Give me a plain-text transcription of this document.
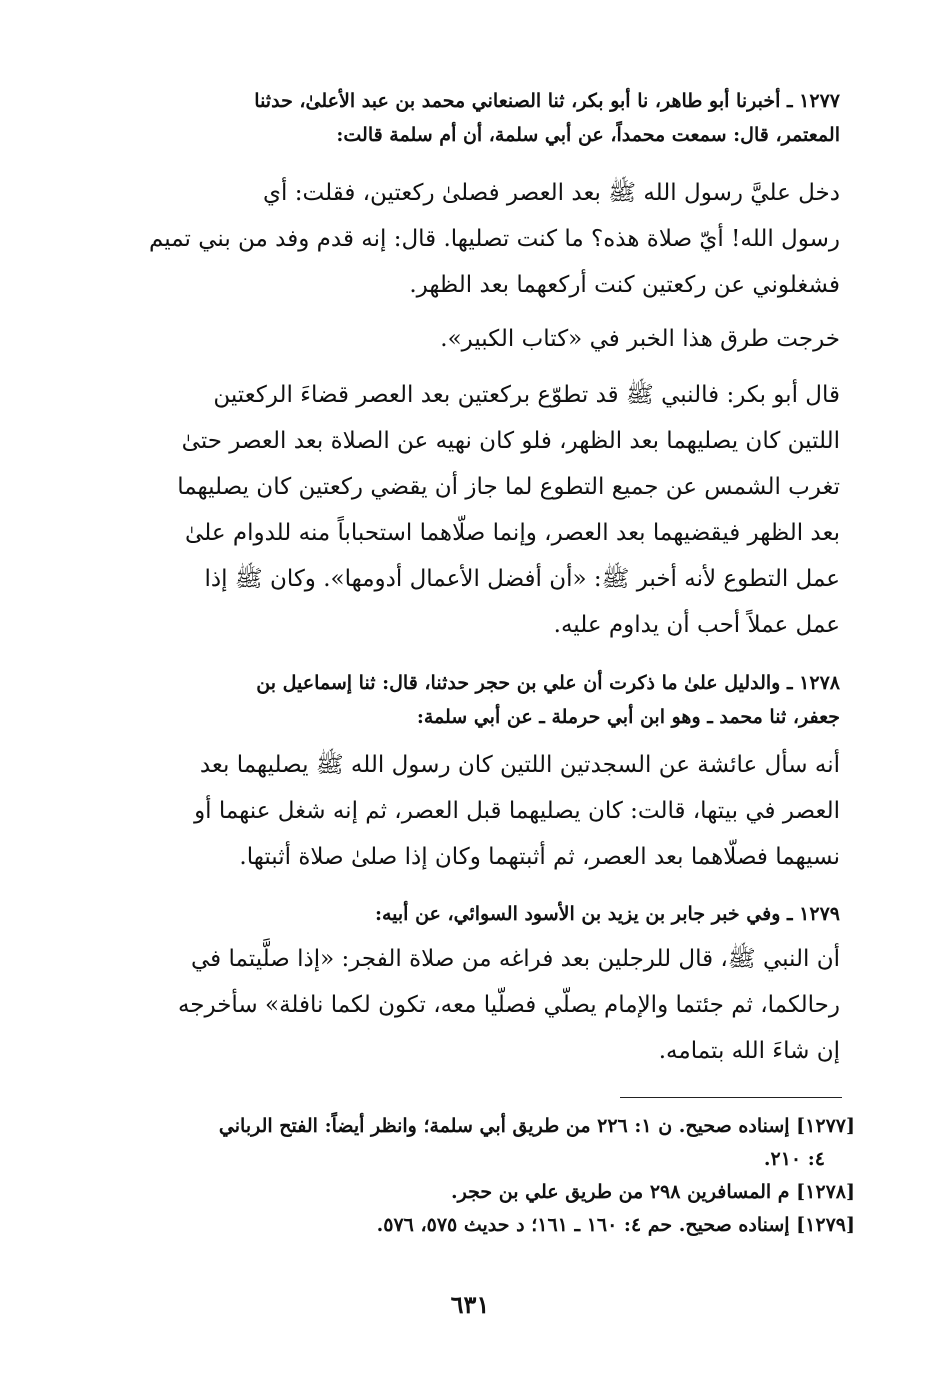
١٢٧٧ ـ أخبرنا أبو طاهر، نا أبو بكر، ثنا الصنعاني محمد بن عبد الأعلىٰ، حدثنا
المعتمر، قال: سمعت محمداً، عن أبي سلمة، أن أم سلمة قالت:
دخل عليَّ رسول الله ﷺ بعد العصر فصلىٰ ركعتين، فقلت: أي
رسول الله! أيّ صلاة هذه؟ ما كنت تصليها. قال: إنه قدم وفد من بني تميم
فشغلوني عن ركعتين كنت أركعهما بعد الظهر.
خرجت طرق هذا الخبر في «كتاب الكبير».
قال أبو بكر: فالنبي ﷺ قد تطوّع بركعتين بعد العصر قضاءَ الركعتين
اللتين كان يصليهما بعد الظهر، فلو كان نهيه عن الصلاة بعد العصر حتىٰ
تغرب الشمس عن جميع التطوع لما جاز أن يقضي ركعتين كان يصليهما
بعد الظهر فيقضيهما بعد العصر، وإنما صلّاهما استحباباً منه للدوام علىٰ
عمل التطوع لأنه أخبر ﷺ: «أن أفضل الأعمال أدومها». وكان ﷺ إذا
عمل عملاً أحب أن يداوم عليه.
١٢٧٨ ـ والدليل علىٰ ما ذكرت أن علي بن حجر حدثنا، قال: ثنا إسماعيل بن
جعفر، ثنا محمد ـ وهو ابن أبي حرملة ـ عن أبي سلمة:
أنه سأل عائشة عن السجدتين اللتين كان رسول الله ﷺ يصليهما بعد
العصر في بيتها، قالت: كان يصليهما قبل العصر، ثم إنه شغل عنهما أو
نسيهما فصلّاهما بعد العصر، ثم أثبتهما وكان إذا صلىٰ صلاة أثبتها.
١٢٧٩ ـ وفي خبر جابر بن يزيد بن الأسود السوائي، عن أبيه:
أن النبي ﷺ، قال للرجلين بعد فراغه من صلاة الفجر: «إذا صلَّيتما في
رحالكما، ثم جئتما والإمام يصلّي فصلّيا معه، تكون لكما نافلة» سأخرجه
إن شاءَ الله بتمامه.
[١٢٧٧] إسناده صحيح. ن ١: ٢٢٦ من طريق أبي سلمة؛ وانظر أيضاً: الفتح الرباني
٤: ٢١٠.
[١٢٧٨] م المسافرين ٢٩٨ من طريق علي بن حجر.
[١٢٧٩] إسناده صحيح. حم ٤: ١٦٠ ـ ١٦١؛ د حديث ٥٧٥، ٥٧٦.
٦٣١
